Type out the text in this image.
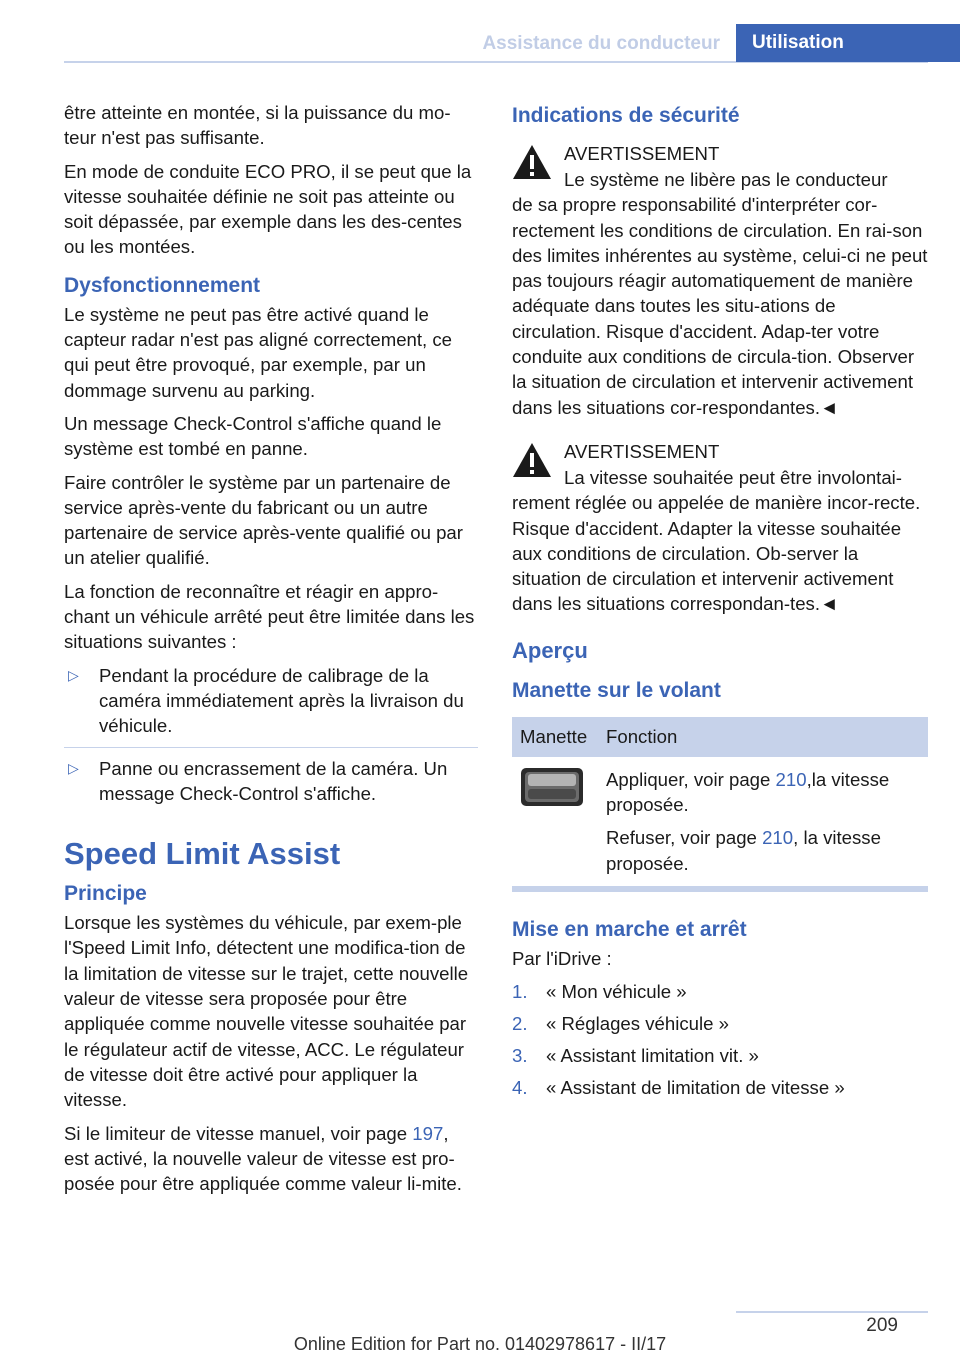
Assistance du conducteur	Utilisation

être atteinte en montée, si la puissance du mo‐teur n'est pas suffisante.

En mode de conduite ECO PRO, il se peut que la vitesse souhaitée définie ne soit pas atteinte ou soit dépassée, par exemple dans les des‐centes ou les montées.

Dysfonctionnement

Le système ne peut pas être activé quand le capteur radar n'est pas aligné correctement, ce qui peut être provoqué, par exemple, par un dommage survenu au parking.

Un message Check-Control s'affiche quand le système est tombé en panne.

Faire contrôler le système par un partenaire de service après-vente du fabricant ou un autre partenaire de service après-vente qualifié ou par un atelier qualifié.

La fonction de reconnaître et réagir en appro‐chant un véhicule arrêté peut être limitée dans les situations suivantes :

▷ Pendant la procédure de calibrage de la caméra immédiatement après la livraison du véhicule.
▷ Panne ou encrassement de la caméra. Un message Check-Control s'affiche.
Speed Limit Assist
Principe

Lorsque les systèmes du véhicule, par exem‐ple l'Speed Limit Info, détectent une modifica‐tion de la limitation de vitesse sur le trajet, cette nouvelle valeur de vitesse sera proposée pour être appliquée comme nouvelle vitesse souhaitée par le régulateur actif de vitesse, ACC. Le régulateur de vitesse doit être activé pour appliquer la vitesse.

Si le limiteur de vitesse manuel, voir page 197, est activé, la nouvelle valeur de vitesse est pro‐posée pour être appliquée comme valeur li‐mite.

Indications de sécurité
AVERTISSEMENT
Le système ne libère pas le conducteur
de sa propre responsabilité d'interpréter cor‐rectement les conditions de circulation. En rai‐son des limites inhérentes au système, celui-ci ne peut pas toujours réagir automatiquement de manière adéquate dans toutes les situ‐ations de circulation. Risque d'accident. Adap‐ter votre conduite aux conditions de circula‐tion. Observer la situation de circulation et intervenir activement dans les situations cor‐respondantes.◄
AVERTISSEMENT
La vitesse souhaitée peut être involontai‐
rement réglée ou appelée de manière incor‐recte. Risque d'accident. Adapter la vitesse souhaitée aux conditions de circulation. Ob‐server la situation de circulation et intervenir activement dans les situations correspondan‐tes.◄
Aperçu
Manette sur le volant
Manette	Fonction

Appliquer, voir page 210,la vitesse proposée.

Refuser, voir page 210, la vitesse proposée.

Mise en marche et arrêt

Par l'iDrive :

1. « Mon véhicule »
2. « Réglages véhicule »
3. « Assistant limitation vit. »
4. « Assistant de limitation de vitesse »
209
Online Edition for Part no. 01402978617 - II/17
